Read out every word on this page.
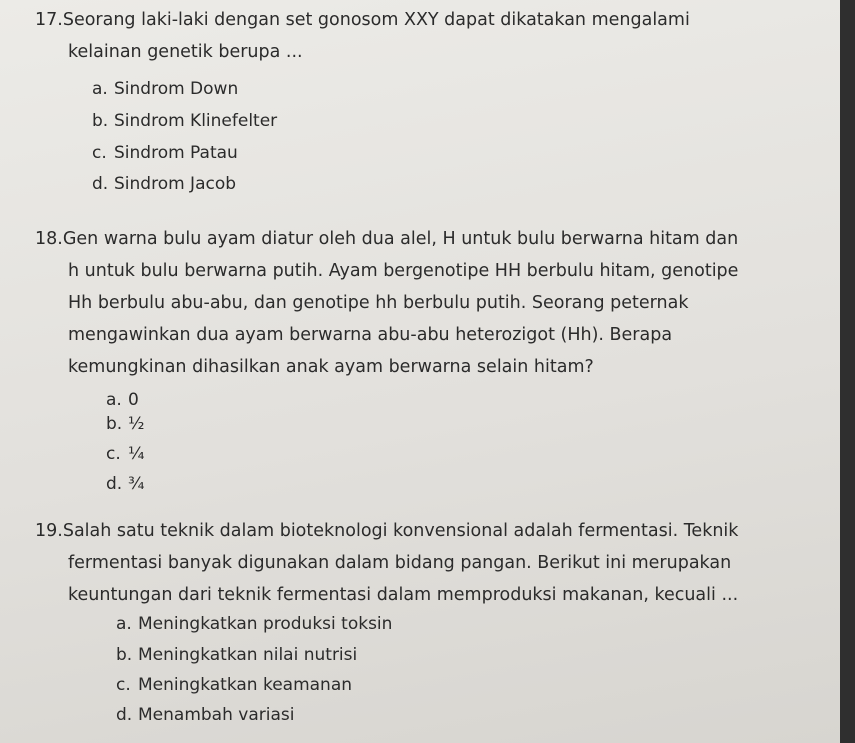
17.Seorang laki-laki dengan set gonosom XXY dapat dikatakan mengalami
kelainan genetik berupa ...
a. Sindrom Down
b. Sindrom Klinefelter
c. Sindrom Patau
d. Sindrom Jacob
18.Gen warna bulu ayam diatur oleh dua alel, H untuk bulu berwarna hitam dan
h untuk bulu berwarna putih. Ayam bergenotipe HH berbulu hitam, genotipe
Hh berbulu abu-abu, dan genotipe hh berbulu putih. Seorang peternak
mengawinkan dua ayam berwarna abu-abu heterozigot (Hh). Berapa
kemungkinan dihasilkan anak ayam berwarna selain hitam?
a. 0
b. ½
c. ¼
d. ¾
19.Salah satu teknik dalam bioteknologi konvensional adalah fermentasi. Teknik
fermentasi banyak digunakan dalam bidang pangan. Berikut ini merupakan
keuntungan dari teknik fermentasi dalam memproduksi makanan, kecuali ...
a. Meningkatkan produksi toksin
b. Meningkatkan nilai nutrisi
c. Meningkatkan keamanan
d. Menambah variasi
